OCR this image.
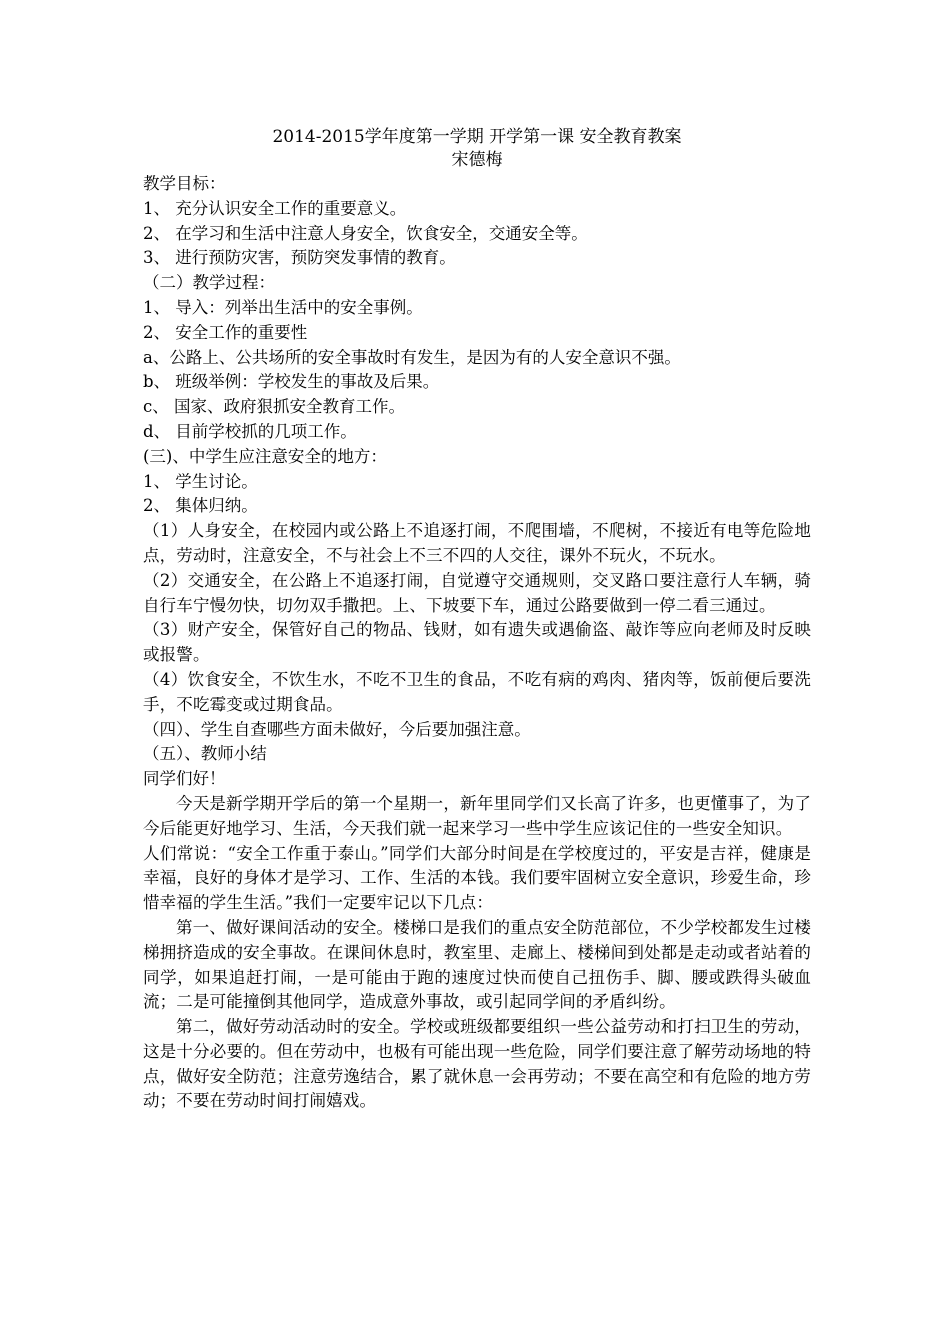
2014-2015学年度第一学期 开学第一课 安全教育教案
宋德梅
教学目标：
1、 充分认识安全工作的重要意义。
2、 在学习和生活中注意人身安全，饮食安全，交通安全等。
3、 进行预防灾害，预防突发事情的教育。
（二）教学过程：
1、 导入：列举出生活中的安全事例。
2、 安全工作的重要性
a、公路上、公共场所的安全事故时有发生，是因为有的人安全意识不强。
b、 班级举例：学校发生的事故及后果。
c、 国家、政府狠抓安全教育工作。
d、 目前学校抓的几项工作。
(三)、中学生应注意安全的地方：
1、 学生讨论。
2、 集体归纳。
（1）人身安全，在校园内或公路上不追逐打闹，不爬围墙，不爬树，不接近有电等危险地点，劳动时，注意安全，不与社会上不三不四的人交往，课外不玩火，不玩水。
（2）交通安全，在公路上不追逐打闹，自觉遵守交通规则，交叉路口要注意行人车辆，骑自行车宁慢勿快，切勿双手撒把。上、下坡要下车，通过公路要做到一停二看三通过。
（3）财产安全，保管好自己的物品、钱财，如有遗失或遇偷盗、敲诈等应向老师及时反映或报警。
（4）饮食安全，不饮生水，不吃不卫生的食品，不吃有病的鸡肉、猪肉等，饭前便后要洗手，不吃霉变或过期食品。
（四）、学生自查哪些方面未做好，今后要加强注意。
（五）、教师小结
同学们好！
今天是新学期开学后的第一个星期一，新年里同学们又长高了许多，也更懂事了，为了今后能更好地学习、生活，今天我们就一起来学习一些中学生应该记住的一些安全知识。
人们常说：“安全工作重于泰山。”同学们大部分时间是在学校度过的，平安是吉祥，健康是幸福，良好的身体才是学习、工作、生活的本钱。我们要牢固树立安全意识，珍爱生命，珍惜幸福的学生生活。”我们一定要牢记以下几点：
第一、做好课间活动的安全。楼梯口是我们的重点安全防范部位，不少学校都发生过楼梯拥挤造成的安全事故。在课间休息时，教室里、走廊上、楼梯间到处都是走动或者站着的同学，如果追赶打闹，一是可能由于跑的速度过快而使自己扭伤手、脚、腰或跌得头破血流；二是可能撞倒其他同学，造成意外事故，或引起同学间的矛盾纠纷。
第二，做好劳动活动时的安全。学校或班级都要组织一些公益劳动和打扫卫生的劳动，这是十分必要的。但在劳动中，也极有可能出现一些危险，同学们要注意了解劳动场地的特点，做好安全防范；注意劳逸结合，累了就休息一会再劳动；不要在高空和有危险的地方劳动；不要在劳动时间打闹嬉戏。
